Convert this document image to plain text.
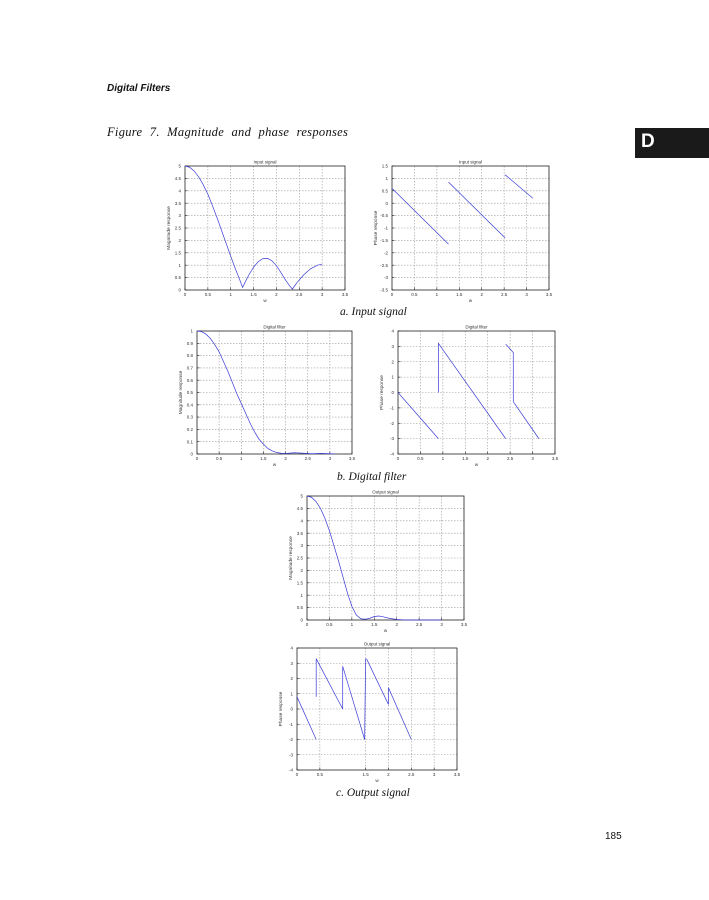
Digital Filters
Figure 7. Magnitude and phase responses	D
0
0.5
1
1.5
2
2.5
3
3.5
4
4.5
5
0	0.5	1	1.5	2	2.5	3	3.5
Input signal
w
Magnitude response
-3.5
-3
-2.5
-2
-1.5
-1
-0.5
0
0.5
1
1.5
0	0.5	1	1.5	2	2.5	3	3.5
Input signal
w
Phase response
a. Input signal
0
0.1
0.2
0.3
0.4
0.5
0.6
0.7
0.8
0.9
1
0	0.5	1	1.5	2	2.5	3	3.5
Digital filter
w
Magnitude response
-4
-3
-2
-1
0
1
2
3
4
0	0.5	1	1.5	2	2.5	3	3.5
Digital filter
w
Phase response
b. Digital filter
0
0.5
1
1.5
2
2.5
3
3.5
4
4.5
5
0	0.5	1	1.5	2	2.5	3	3.5
Output signal
w
Magnitude response
-4
-3
-2
-1
0
1
2
3
4
0	0.5	1.5	2	2.5	3	3.5
Output signal
w
Phase response
c. Output signal
185
